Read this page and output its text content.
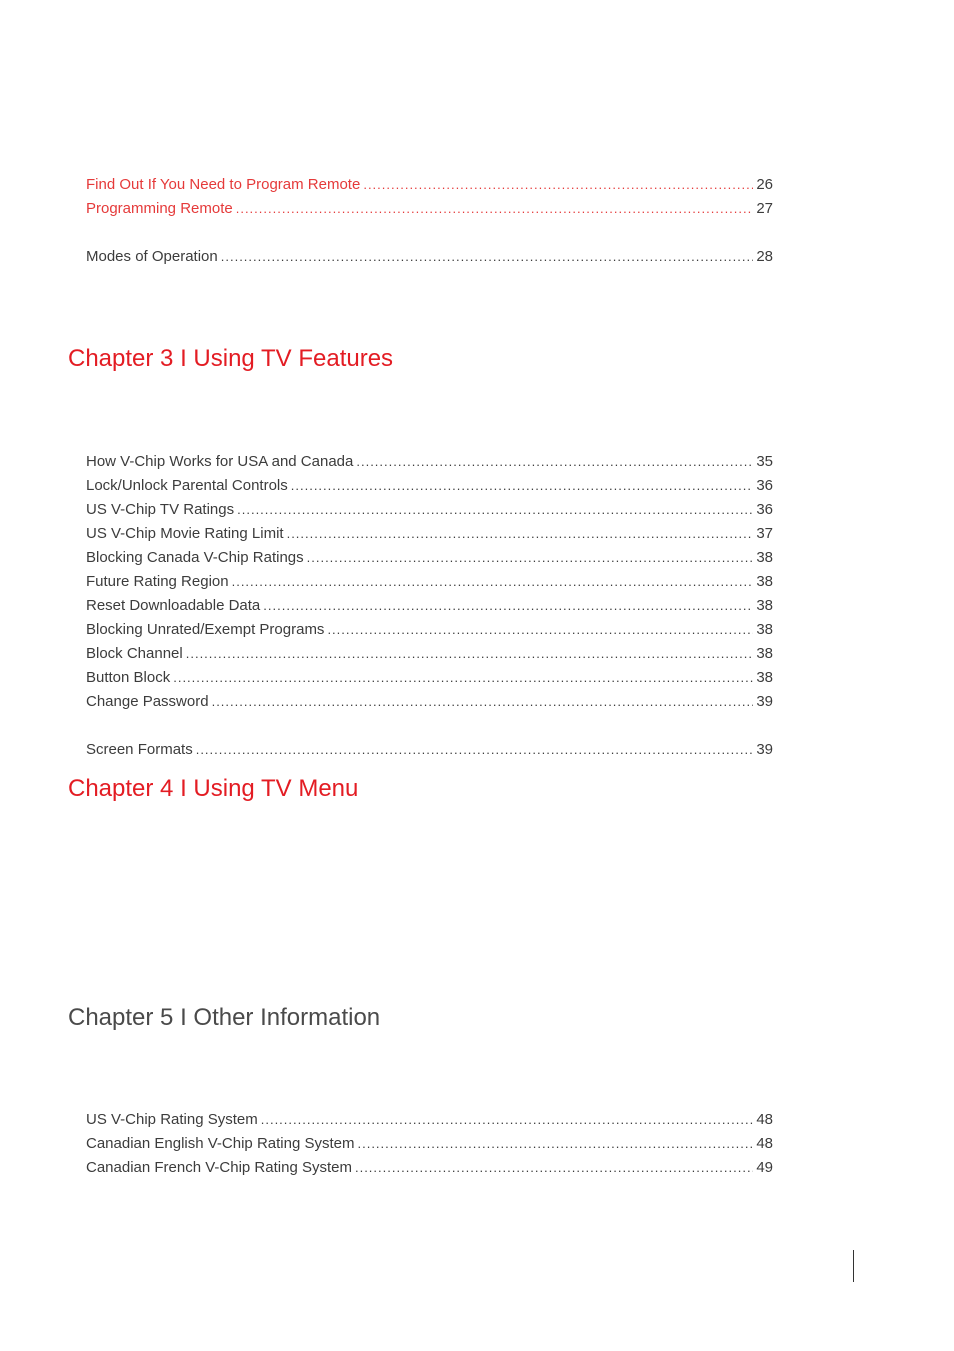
Find Out If You Need to Program Remote .....	26
Programming Remote .....	27
Modes of Operation .....	28
Chapter 3 I Using TV Features
How V-Chip Works for USA and Canada .....	35
Lock/Unlock Parental Controls .....	36
US V-Chip TV Ratings .....	36
US V-Chip Movie Rating Limit .....	37
Blocking Canada V-Chip Ratings .....	38
Future Rating Region .....	38
Reset Downloadable Data .....	38
Blocking Unrated/Exempt Programs .....	38
Block Channel .....	38
Button Block .....	38
Change Password .....	39
Screen Formats .....	39
Chapter 4 I Using TV Menu
Chapter 5 I Other Information
US V-Chip Rating System .....	48
Canadian English V-Chip Rating System .....	48
Canadian French V-Chip Rating System .....	49
